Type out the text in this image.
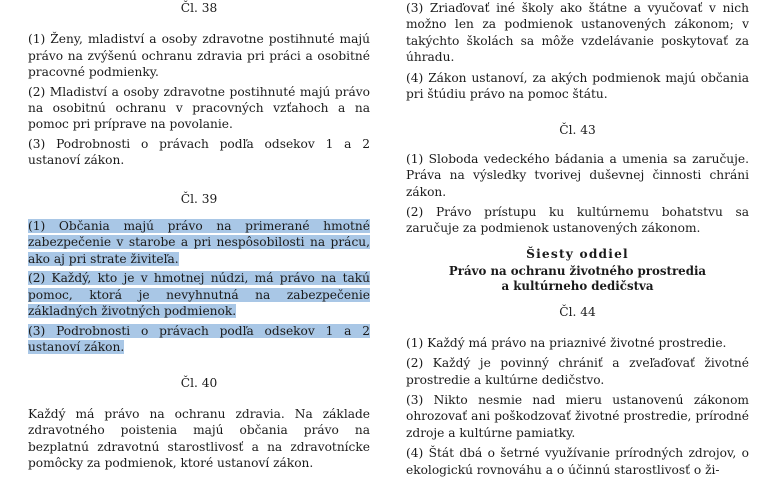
Čl. 38

(1) Ženy, mladiství a osoby zdravotne postihnuté majú právo na zvýšenú ochranu zdravia pri práci a osobitné pracovné podmienky.

(2) Mladiství a osoby zdravotne postihnuté majú právo na osobitnú ochranu v pracovných vzťahoch a na pomoc pri príprave na povolanie.

(3) Podrobnosti o právach podľa odsekov 1 a 2 ustanoví zákon.

Čl. 39

(1) Občania majú právo na primerané hmotné zabezpečenie v starobe a pri nespôsobilosti na prácu, ako aj pri strate živiteľa.

(2) Každý, kto je v hmotnej núdzi, má právo na takú pomoc, ktorá je nevyhnutná na zabezpečenie základných životných podmienok.

(3) Podrobnosti o právach podľa odsekov 1 a 2 ustanoví zákon.

Čl. 40

Každý má právo na ochranu zdravia. Na základe zdravotného poistenia majú občania právo na bezplatnú zdravotnú starostlivosť a na zdravotnícke pomôcky za podmienok, ktoré ustanoví zákon.

(3) Zriaďovať iné školy ako štátne a vyučovať v nich možno len za podmienok ustanovených zákonom; v takýchto školách sa môže vzdelávanie poskytovať za úhradu.

(4) Zákon ustanoví, za akých podmienok majú občania pri štúdiu právo na pomoc štátu.

Čl. 43

(1) Sloboda vedeckého bádania a umenia sa zaručuje. Práva na výsledky tvorivej duševnej činnosti chráni zákon.

(2) Právo prístupu ku kultúrnemu bohatstvu sa zaručuje za podmienok ustanovených zákonom.

Šiesty oddiel

Právo na ochranu životného prostredia

a kultúrneho dedičstva

Čl. 44

(1) Každý má právo na priaznivé životné prostredie.

(2) Každý je povinný chrániť a zveľaďovať životné prostredie a kultúrne dedičstvo.

(3) Nikto nesmie nad mieru ustanovenú zákonom ohrozovať ani poškodzovať životné prostredie, prírodné zdroje a kultúrne pamiatky.

(4) Štát dbá o šetrné využívanie prírodných zdrojov, o ekologickú rovnováhu a o účinnú starostlivosť o ži-
